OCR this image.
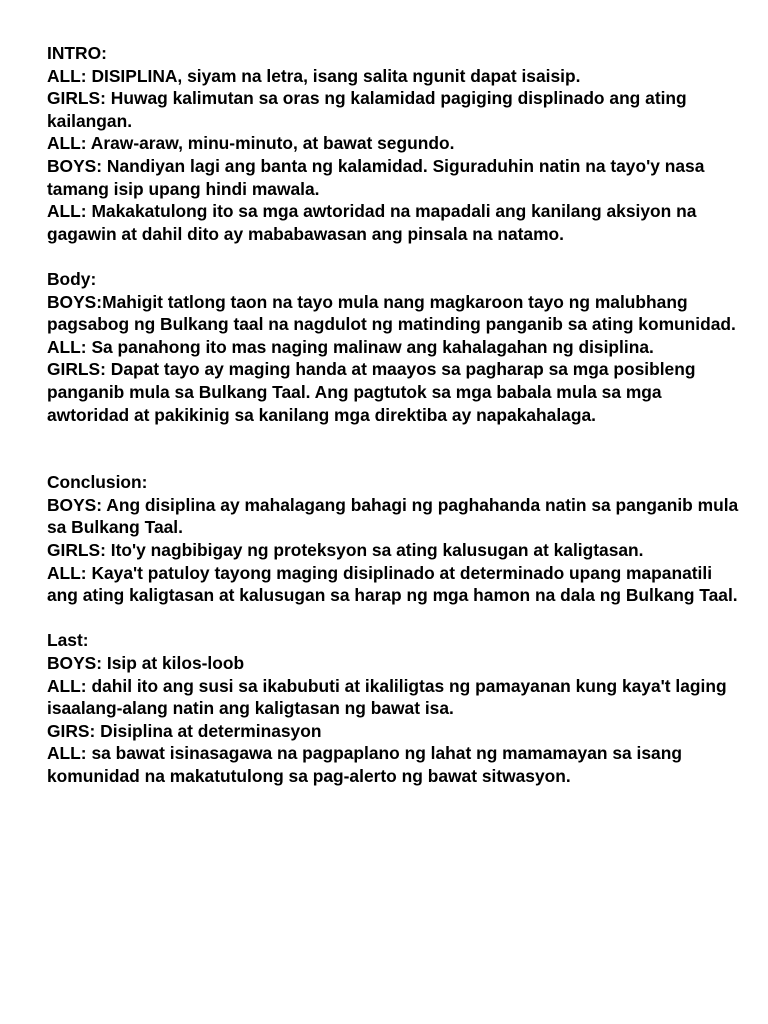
INTRO:

ALL: DISIPLINA, siyam na letra, isang salita ngunit dapat isaisip.

GIRLS: Huwag kalimutan sa oras ng kalamidad pagiging displinado ang ating kailangan.

ALL: Araw-araw, minu-minuto, at bawat segundo.

BOYS: Nandiyan lagi ang banta ng kalamidad. Siguraduhin natin na tayo'y nasa tamang isip upang hindi mawala.

ALL: Makakatulong ito sa mga awtoridad na mapadali ang kanilang aksiyon na gagawin at dahil dito ay mababawasan ang pinsala na natamo.

Body:

BOYS:Mahigit tatlong taon na tayo mula nang magkaroon tayo ng malubhang pagsabog ng Bulkang taal na nagdulot ng matinding panganib sa ating komunidad.

ALL: Sa panahong ito mas naging malinaw ang kahalagahan ng disiplina.

GIRLS: Dapat tayo ay maging handa at maayos sa pagharap sa mga posibleng panganib mula sa Bulkang Taal. Ang pagtutok sa mga babala mula sa mga awtoridad at pakikinig sa kanilang mga direktiba ay napakahalaga.

Conclusion:

BOYS: Ang disiplina ay mahalagang bahagi ng paghahanda natin sa panganib mula sa Bulkang Taal.

GIRLS: Ito'y nagbibigay ng proteksyon sa ating kalusugan at kaligtasan.

ALL: Kaya't patuloy tayong maging disiplinado at determinado upang mapanatili ang ating kaligtasan at kalusugan sa harap ng mga hamon na dala ng Bulkang Taal.

Last:

BOYS: Isip at kilos-loob

ALL: dahil ito ang susi sa ikabubuti at ikaliligtas ng pamayanan kung kaya't laging isaalang-alang natin ang kaligtasan ng bawat isa.

GIRS: Disiplina at determinasyon

ALL: sa bawat isinasagawa na pagpaplano ng lahat ng mamamayan sa isang komunidad na makatutulong sa pag-alerto ng bawat sitwasyon.
